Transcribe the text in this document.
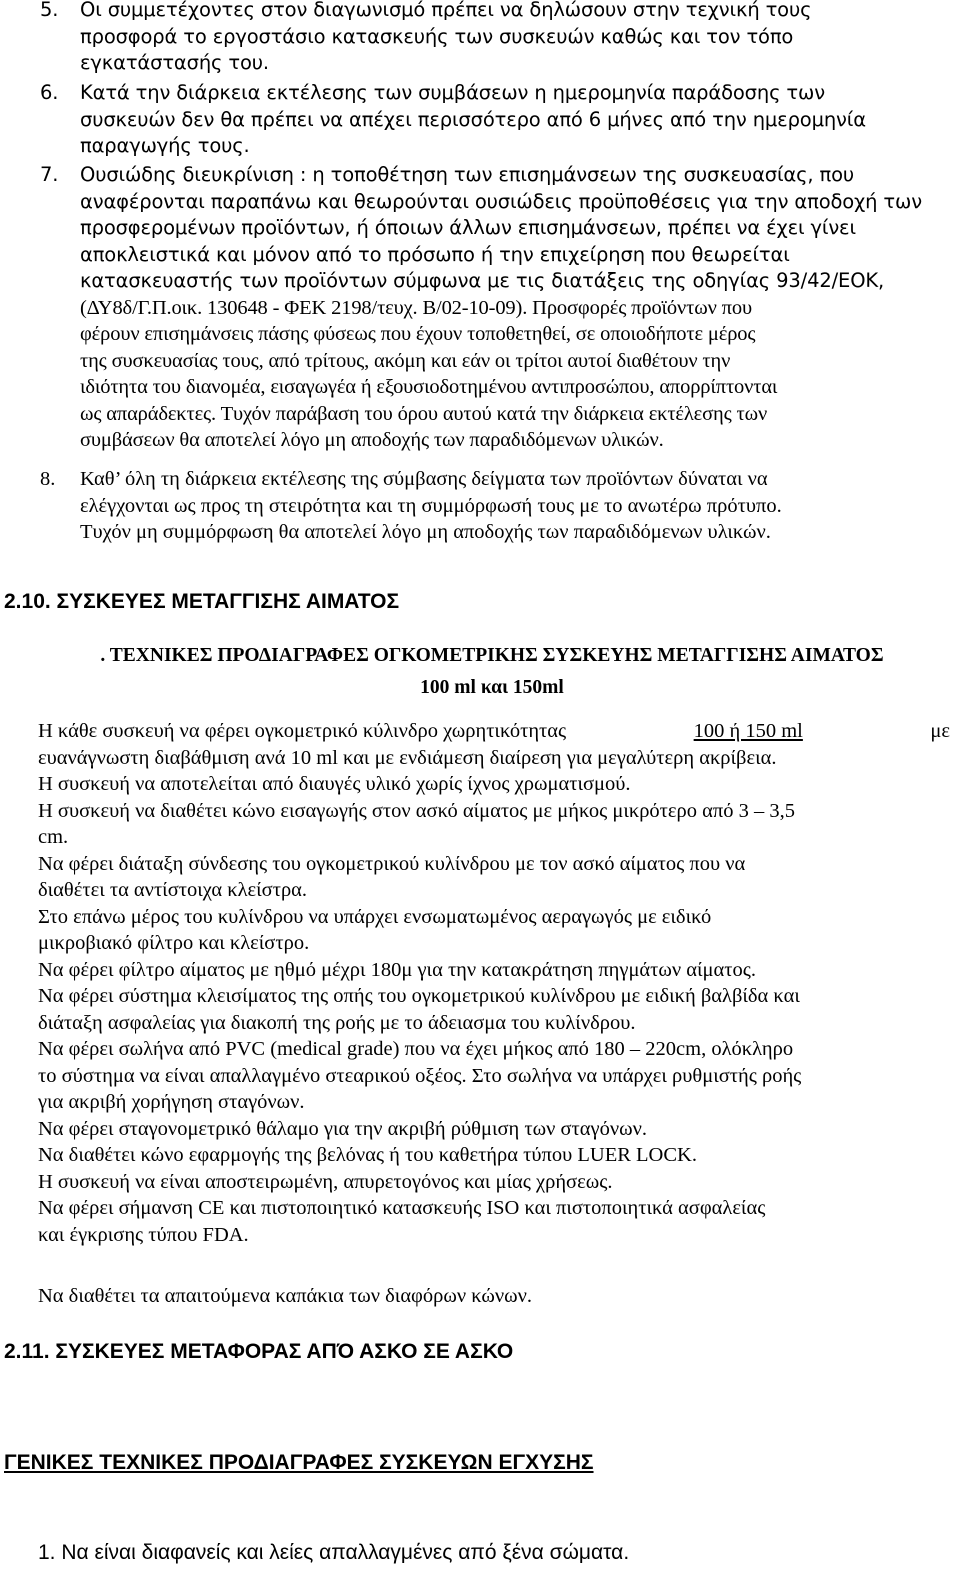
5. Οι συμμετέχοντες στον διαγωνισμό πρέπει να δηλώσουν στην τεχνική τους
προσφορά το εργοστάσιο κατασκευής των συσκευών καθώς και τον τόπο
εγκατάστασής του.
6. Κατά την διάρκεια εκτέλεσης των συμβάσεων η ημερομηνία παράδοσης των
συσκευών δεν θα πρέπει να απέχει περισσότερο από 6 μήνες από την ημερομηνία
παραγωγής τους.
7. Ουσιώδης διευκρίνιση : η τοποθέτηση των επισημάνσεων της συσκευασίας, που
αναφέρονται παραπάνω και θεωρούνται ουσιώδεις προϋποθέσεις για την αποδοχή των
προσφερομένων προϊόντων, ή όποιων άλλων επισημάνσεων, πρέπει να έχει γίνει
αποκλειστικά και μόνον από το πρόσωπο ή την επιχείρηση που θεωρείται
κατασκευαστής των προϊόντων σύμφωνα με τις διατάξεις της οδηγίας 93/42/ΕΟΚ,
(ΔΥ8δ/Γ.Π.οικ. 130648 - ΦΕΚ 2198/τευχ. Β/02-10-09). Προσφορές προϊόντων που
φέρουν επισημάνσεις πάσης φύσεως που έχουν τοποθετηθεί, σε οποιοδήποτε μέρος
της συσκευασίας τους, από τρίτους, ακόμη και εάν οι τρίτοι αυτοί διαθέτουν την
ιδιότητα του διανομέα, εισαγωγέα ή εξουσιοδοτημένου αντιπροσώπου, απορρίπτονται
ως απαράδεκτες. Τυχόν παράβαση του όρου αυτού κατά την διάρκεια εκτέλεσης των
συμβάσεων θα αποτελεί λόγο μη αποδοχής των παραδιδόμενων υλικών.
8. Καθ’ όλη τη διάρκεια εκτέλεσης της σύμβασης δείγματα των προϊόντων δύναται να
ελέγχονται ως προς τη στειρότητα και τη συμμόρφωσή τους με το ανωτέρω πρότυπο.
Τυχόν μη συμμόρφωση θα αποτελεί λόγο μη αποδοχής των παραδιδόμενων υλικών.
2.10. ΣΥΣΚΕΥΕΣ ΜΕΤΑΓΓΙΣΗΣ ΑΙΜΑΤΟΣ
. ΤΕΧΝΙΚΕΣ ΠΡΟΔΙΑΓΡΑΦΕΣ ΟΓΚΟΜΕΤΡΙΚΗΣ ΣΥΣΚΕΥΗΣ ΜΕΤΑΓΓΙΣΗΣ ΑΙΜΑΤΟΣ
100 ml και 150ml
Η κάθε συσκευή να φέρει ογκομετρικό κύλινδρο χωρητικότητας	100 ή 150 ml	με
ευανάγνωστη διαβάθμιση ανά 10 ml και με ενδιάμεση διαίρεση για μεγαλύτερη ακρίβεια.
Η συσκευή να αποτελείται από διαυγές υλικό χωρίς ίχνος χρωματισμού.
Η συσκευή να διαθέτει κώνο εισαγωγής στον ασκό αίματος με μήκος μικρότερο από 3 – 3,5
cm.
Να φέρει διάταξη σύνδεσης του ογκομετρικού κυλίνδρου με τον ασκό αίματος που να
διαθέτει τα αντίστοιχα κλείστρα.
Στο επάνω μέρος του κυλίνδρου να υπάρχει ενσωματωμένος αεραγωγός με ειδικό
μικροβιακό φίλτρο και κλείστρο.
Να φέρει φίλτρο αίματος με ηθμό μέχρι 180μ για την κατακράτηση πηγμάτων αίματος.
Να φέρει σύστημα κλεισίματος της οπής του ογκομετρικού κυλίνδρου με ειδική βαλβίδα και
διάταξη ασφαλείας για διακοπή της ροής με το άδειασμα του κυλίνδρου.
Να φέρει σωλήνα από PVC (medical grade) που να έχει μήκος από 180 – 220cm, ολόκληρο
το σύστημα να είναι απαλλαγμένο στεαρικού οξέος. Στο σωλήνα να υπάρχει ρυθμιστής ροής
για ακριβή χορήγηση σταγόνων.
Να φέρει σταγονομετρικό θάλαμο για την ακριβή ρύθμιση των σταγόνων.
Να διαθέτει κώνο εφαρμογής της βελόνας ή του καθετήρα τύπου LUER LOCK.
Η συσκευή να είναι αποστειρωμένη, απυρετογόνος και μίας χρήσεως.
Να φέρει σήμανση CE και πιστοποιητικό κατασκευής ISO και πιστοποιητικά ασφαλείας
και έγκρισης τύπου FDA.
Να διαθέτει τα απαιτούμενα καπάκια των διαφόρων κώνων.
2.11. ΣΥΣΚΕΥΕΣ ΜΕΤΑΦΟΡΑΣ ΑΠΌ ΑΣΚΟ ΣΕ ΑΣΚΟ
ΓΕΝΙΚΕΣ ΤΕΧΝΙΚΕΣ ΠΡΟΔΙΑΓΡΑΦΕΣ ΣΥΣΚΕΥΩΝ ΕΓΧΥΣΗΣ
1. Να είναι διαφανείς και λείες απαλλαγμένες από ξένα σώματα.
